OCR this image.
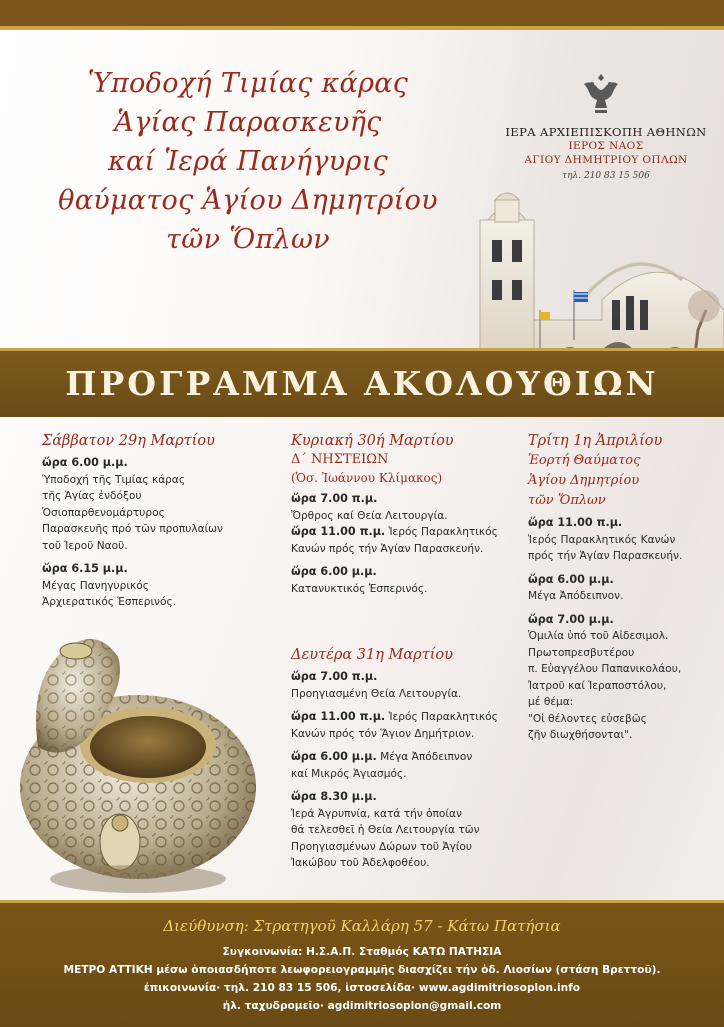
Ὑποδοχή Τιμίας κάρας
Ἁγίας Παρασκευῆς
καί Ἱερά Πανήγυρις
θαύματος Ἁγίου Δημητρίου
τῶν Ὅπλων
ΙΕΡΑ ΑΡΧΙΕΠΙΣΚΟΠΗ ΑΘΗΝΩΝ
ΙΕΡΟΣ ΝΑΟΣ
ΑΓΙΟΥ ΔΗΜΗΤΡΙΟΥ ΟΠΛΩΝ
τηλ. 210 83 15 506
ΠΡΟΓΡΑΜΜΑ ΑΚΟΛΟΥΘΙΩΝ
Σάββατον 29η Μαρτίου
ὥρα 6.00 μ.μ.
Ὑποδοχή τῆς Τιμίας κάρας
τῆς Ἁγίας ἐνδόξου
Ὁσιοπαρθενομάρτυρος
Παρασκευῆς πρό τῶν προπυλαίων
τοῦ Ἱεροῦ Ναοῦ.
ὥρα 6.15 μ.μ.
Μέγας Πανηγυρικός
Ἀρχιερατικός Ἑσπερινός.
Κυριακή 30ή Μαρτίου
Δ΄ ΝΗΣΤΕΙΩΝ
(Ὁσ. Ἰωάννου Κλίμακος)
ὥρα 7.00 π.μ.
Ὄρθρος καί Θεία Λειτουργία.
ὥρα 11.00 π.μ. Ἱερός Παρακλητικός
Κανών πρός τήν Ἁγίαν Παρασκευήν.
ὥρα 6.00 μ.μ.
Κατανυκτικός Ἑσπερινός.
Δευτέρα 31η Μαρτίου
ὥρα 7.00 π.μ.
Προηγιασμένη Θεία Λειτουργία.
ὥρα 11.00 π.μ. Ἱερός Παρακλητικός
Κανών πρός τόν Ἅγιον Δημήτριον.
ὥρα 6.00 μ.μ. Μέγα Ἀπόδειπνον
καί Μικρός Ἁγιασμός.
ὥρα 8.30 μ.μ.
Ἱερά Ἀγρυπνία, κατά τήν ὁποίαν
θά τελεσθεῖ ἡ Θεία Λειτουργία τῶν
Προηγιασμένων Δώρων τοῦ Ἁγίου
Ἰακώβου τοῦ Ἀδελφοθέου.
Τρίτη 1η Ἀπριλίου
Ἑορτή Θαύματος
Ἁγίου Δημητρίου
τῶν Ὅπλων
ὥρα 11.00 π.μ.
Ἱερός Παρακλητικός Κανών
πρός τήν Ἁγίαν Παρασκευήν.
ὥρα 6.00 μ.μ.
Μέγα Ἀπόδειπνον.
ὥρα 7.00 μ.μ.
Ὁμιλία ὑπό τοῦ Αἰδεσιμολ.
Πρωτοπρεσβυτέρου
π. Εὐαγγέλου Παπανικολάου,
Ἰατροῦ καί Ἱεραποστόλου,
μέ θέμα:
"Οἱ θέλοντες εὐσεβῶς
ζῆν διωχθήσονται".
Διεύθυνση: Στρατηγοῦ Καλλάρη 57 - Κάτω Πατήσια
Συγκοινωνία: Η.Σ.Α.Π. Σταθμός ΚΑΤΩ ΠΑΤΗΣΙΑ
ΜΕΤΡΟ ΑΤΤΙΚΗ μέσω ὁποιασδήποτε λεωφορειογραμμῆς διασχίζει τήν ὁδ. Λιοσίων (στάση Βρεττοῦ).
ἐπικοινωνία· τηλ. 210 83 15 506, ἱστοσελίδα· www.agdimitriosoplon.info
ἠλ. ταχυδρομεῖο· agdimitriosoplon@gmail.com
